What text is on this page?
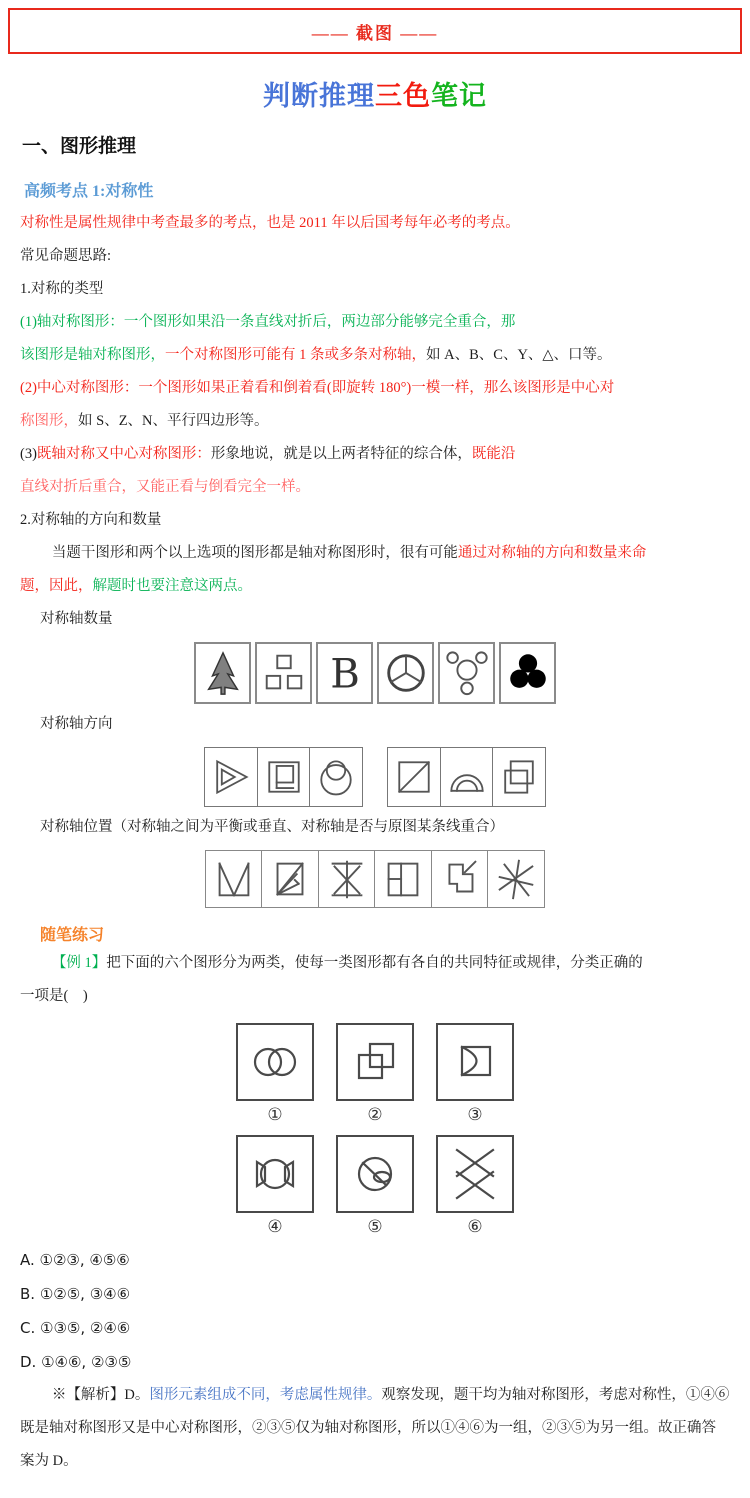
—— 截图 ——
判断推理三色笔记
一、图形推理
高频考点 1:对称性

对称性是属性规律中考查最多的考点，也是 2011 年以后国考每年必考的考点。

常见命题思路:

1.对称的类型

(1)轴对称图形：一个图形如果沿一条直线对折后，两边部分能够完全重合，那

该图形是轴对称图形，一个对称图形可能有 1 条或多条对称轴，如 A、B、C、Y、△、口等。

(2)中心对称图形：一个图形如果正着看和倒着看(即旋转 180°)一模一样，那么该图形是中心对

称图形，如 S、Z、N、平行四边形等。

(3)既轴对称又中心对称图形：形象地说，就是以上两者特征的综合体，既能沿

直线对折后重合，又能正看与倒看完全一样。

2.对称轴的方向和数量

当题干图形和两个以上选项的图形都是轴对称图形时，很有可能通过对称轴的方向和数量来命

题，因此，解题时也要注意这两点。

对称轴数量

B

对称轴方向

对称轴位置（对称轴之间为平衡或垂直、对称轴是否与原图某条线重合）

随笔练习

【例 1】把下面的六个图形分为两类，使每一类图形都有各自的共同特征或规律，分类正确的

一项是(　)

①	②	③
④	⑤	⑥

A. ①②③, ④⑤⑥

B. ①②⑤, ③④⑥

C. ①③⑤, ②④⑥

D. ①④⑥, ②③⑤

※【解析】D。图形元素组成不同，考虑属性规律。观察发现，题干均为轴对称图形，考虑对称性，①④⑥既是轴对称图形又是中心对称图形，②③⑤仅为轴对称图形，所以①④⑥为一组，②③⑤为另一组。故正确答案为 D。
